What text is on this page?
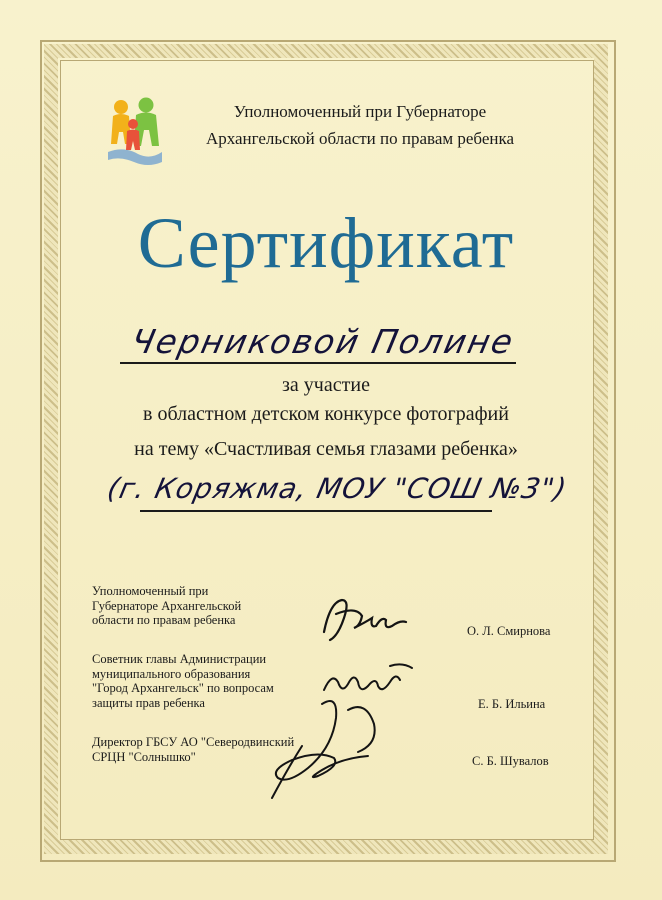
Уполномоченный при Губернаторе
Архангельской области по правам ребенка
Сертификат
Черниковой Полине
за участие
в областном детском конкурсе фотографий
на тему «Счастливая семья глазами ребенка»
(г. Коряжма, МОУ "СОШ №3")
Уполномоченный при
Губернаторе Архангельской
области по правам ребенка
О. Л. Смирнова
Советник главы Администрации
муниципального образования
"Город Архангельск" по вопросам
защиты прав ребенка	Е. Б. Ильина
Директор ГБСУ АО "Северодвинский
СРЦН "Солнышко"	С. Б. Шувалов
